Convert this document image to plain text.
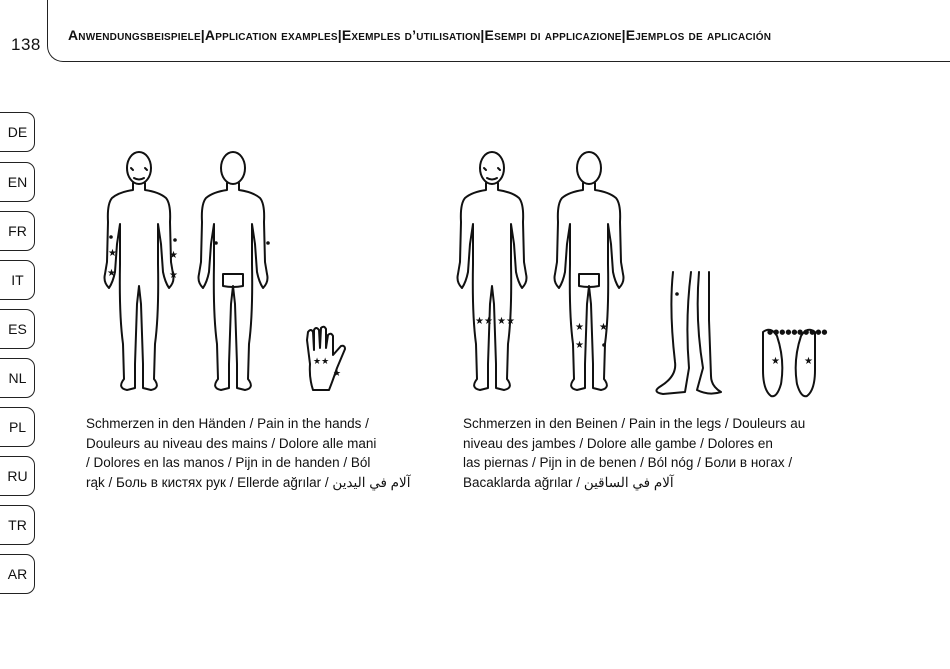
138 Anwendungsbeispiele|Application examples|Exemples d’utilisation|Esempi di applicazione|Ejemplos de aplicación
DE
EN
FR
IT
ES
NL
PL
RU
TR
AR
★
★
★
★
★★
★
Schmerzen in den Händen / Pain in the hands /
Douleurs au niveau des mains / Dolore alle mani
/ Dolores en las manos / Pijn in de handen / Ból
rąk / Боль в кистях рук / Ellerde ağrılar / آلام في اليدين
★★ ★★
★ ★
★
●●●●● ●●●●●
★ ★
Schmerzen in den Beinen / Pain in the legs / Douleurs au
niveau des jambes / Dolore alle gambe / Dolores en
las piernas / Pijn in de benen / Ból nóg / Боли в ногах /
Bacaklarda ağrılar / آلام في الساقين
